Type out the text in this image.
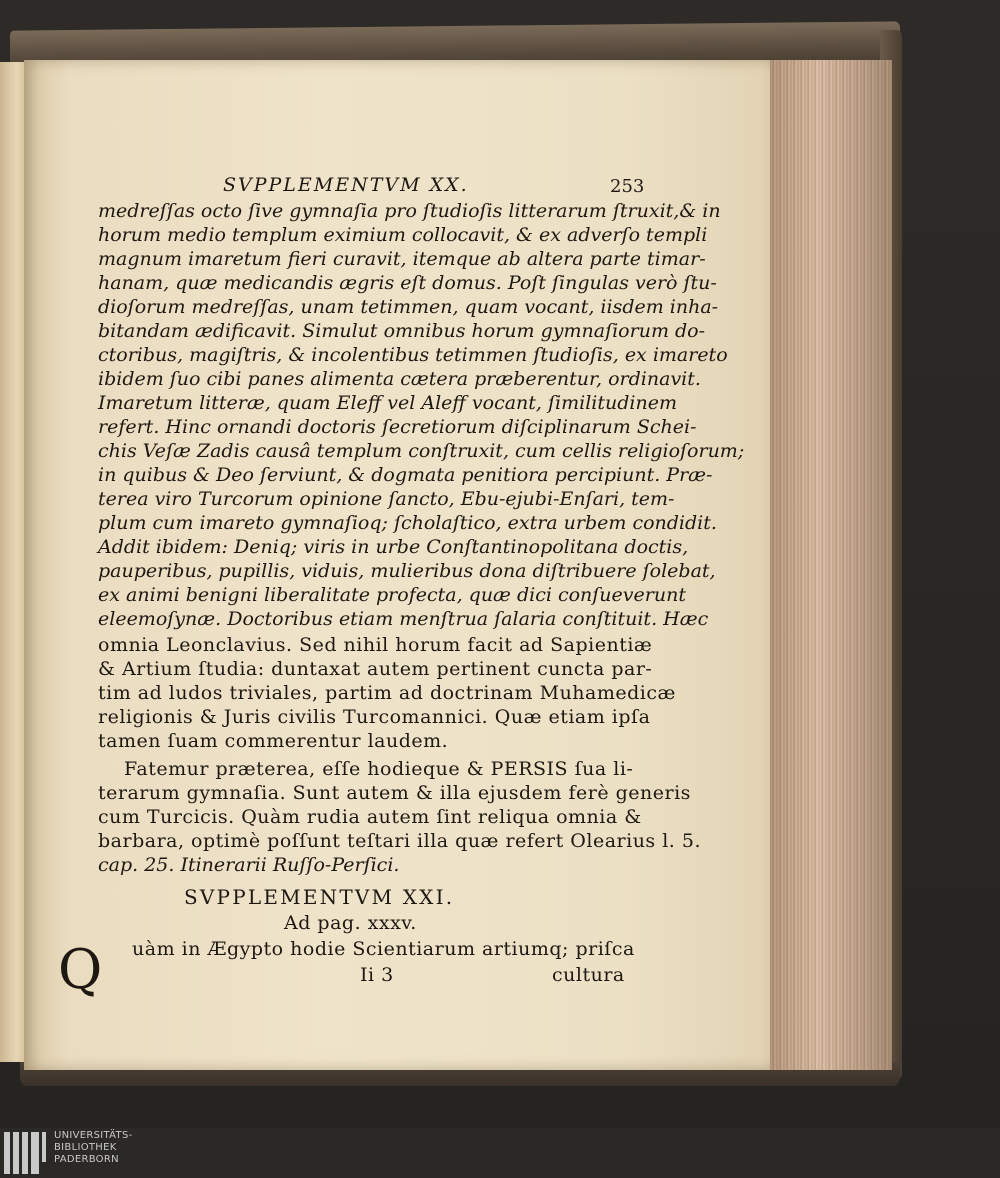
SVPPLEMENTVM XX.	253
medreſſas octo ſive gymnaſia pro ſtudioſis litterarum ſtruxit,& in
horum medio templum eximium collocavit, & ex adverſo templi
magnum imaretum fieri curavit, itemque ab altera parte timar-
hanam, quæ medicandis ægris eſt domus. Poſt ſingulas verò ſtu-
dioſorum medreſſas, unam tetimmen, quam vocant, iisdem inha-
bitandam ædificavit. Simulut omnibus horum gymnaſiorum do-
ctoribus, magiſtris, & incolentibus tetimmen ſtudioſis, ex imareto
ibidem ſuo cibi panes alimenta cætera præberentur, ordinavit.
Imaretum litteræ, quam Eleff vel Aleff vocant, ſimilitudinem
refert. Hinc ornandi doctoris ſecretiorum diſciplinarum Schei-
chis Veſæ Zadis causâ templum conſtruxit, cum cellis religioſorum;
in quibus & Deo ſerviunt, & dogmata penitiora percipiunt. Præ-
terea viro Turcorum opinione ſancto, Ebu-ejubi-Enſari, tem-
plum cum imareto gymnaſioq; ſcholaſtico, extra urbem condidit.
Addit ibidem: Deniq; viris in urbe Conſtantinopolitana doctis,
pauperibus, pupillis, viduis, mulieribus dona diſtribuere ſolebat,
ex animi benigni liberalitate profecta, quæ dici conſueverunt
eleemoſynæ. Doctoribus etiam menſtrua ſalaria conſtituit. Hæc
omnia Leonclavius. Sed nihil horum facit ad Sapientiæ
& Artium ſtudia: duntaxat autem pertinent cuncta par-
tim ad ludos triviales, partim ad doctrinam Muhamedicæ
religionis & Juris civilis Turcomannici. Quæ etiam ipſa
tamen ſuam commerentur laudem.
Fatemur præterea, eſſe hodieque & PERSIS ſua li-
terarum gymnaſia. Sunt autem & illa ejusdem ferè generis
cum Turcicis. Quàm rudia autem ſint reliqua omnia &
barbara, optimè poſſunt teſtari illa quæ refert Olearius l. 5.
cap. 25. Itinerarii Ruſſo-Perſici.
SVPPLEMENTVM XXI.
Ad pag. xxxv.
uàm in Ægypto hodie Scientiarum artiumq; priſca
Ii 3	cultura
Q
UNIVERSITÄTS-
BIBLIOTHEK
PADERBORN
